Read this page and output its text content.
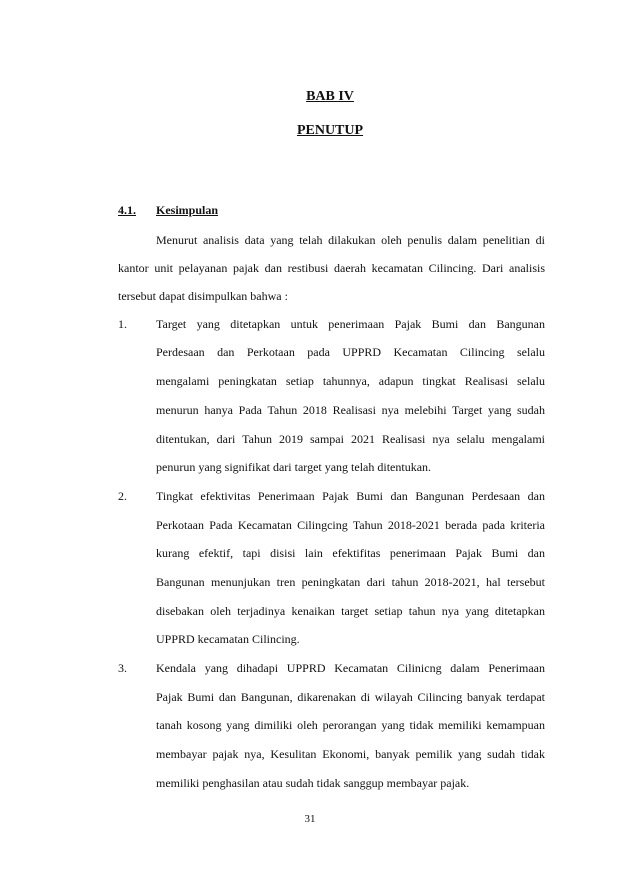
BAB IV
PENUTUP
4.1. Kesimpulan
Menurut analisis data yang telah dilakukan oleh penulis dalam penelitian di
kantor unit pelayanan pajak dan restibusi daerah kecamatan Cilincing. Dari analisis
tersebut dapat disimpulkan bahwa :
1. Target yang ditetapkan untuk penerimaan Pajak Bumi dan Bangunan
Perdesaan dan Perkotaan pada UPPRD Kecamatan Cilincing selalu
mengalami peningkatan setiap tahunnya, adapun tingkat Realisasi selalu
menurun hanya Pada Tahun 2018 Realisasi nya melebihi Target yang sudah
ditentukan, dari Tahun 2019 sampai 2021 Realisasi nya selalu mengalami
penurun yang signifikat dari target yang telah ditentukan.
2. Tingkat efektivitas Penerimaan Pajak Bumi dan Bangunan Perdesaan dan
Perkotaan Pada Kecamatan Cilingcing Tahun 2018-2021 berada pada kriteria
kurang efektif, tapi disisi lain efektifitas penerimaan Pajak Bumi dan
Bangunan menunjukan tren peningkatan dari tahun 2018-2021, hal tersebut
disebakan oleh terjadinya kenaikan target setiap tahun nya yang ditetapkan
UPPRD kecamatan Cilincing.
3. Kendala yang dihadapi UPPRD Kecamatan Cilinicng dalam Penerimaan
Pajak Bumi dan Bangunan, dikarenakan di wilayah Cilincing banyak terdapat
tanah kosong yang dimiliki oleh perorangan yang tidak memiliki kemampuan
membayar pajak nya, Kesulitan Ekonomi, banyak pemilik yang sudah tidak
memiliki penghasilan atau sudah tidak sanggup membayar pajak.
31
